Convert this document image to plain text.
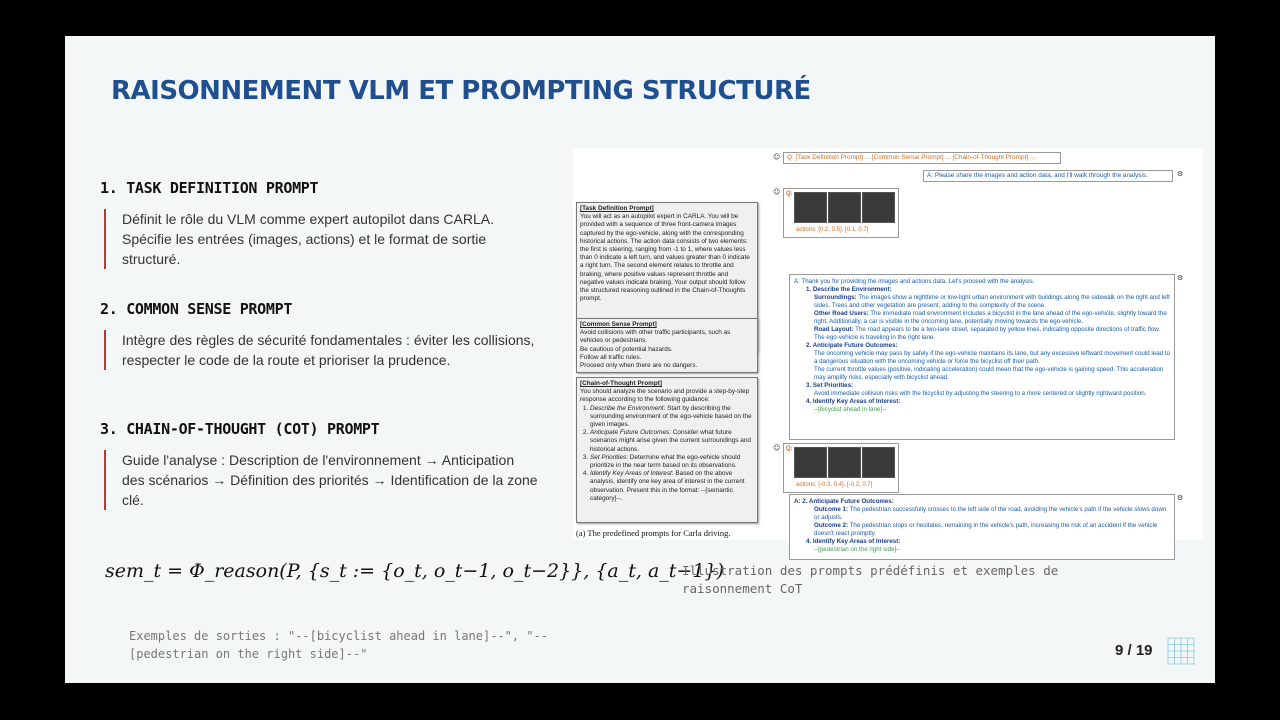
RAISONNEMENT VLM ET PROMPTING STRUCTURÉ
1. TASK DEFINITION PROMPT
Définit le rôle du VLM comme expert autopilot dans CARLA. Spécifie les entrées (images, actions) et le format de sortie structuré.
2. COMMON SENSE PROMPT
Intègre des règles de sécurité fondamentales : éviter les collisions, respecter le code de la route et prioriser la prudence.
3. CHAIN-OF-THOUGHT (COT) PROMPT
Guide l'analyse : Description de l'environnement → Anticipation des scénarios → Définition des priorités → Identification de la zone clé.
[Task Definition Prompt]
You will act as an autopilot expert in CARLA. You will be provided with a sequence of three front-camera images captured by the ego-vehicle, along with the corresponding historical actions. The action data consists of two elements: the first is steering, ranging from -1 to 1, where values less than 0 indicate a left turn, and values greater than 0 indicate a right turn. The second element relates to throttle and braking, where positive values represent throttle and negative values indicate braking. Your output should follow the structured reasoning outlined in the Chain-of-Thoughts prompt.
[Common Sense Prompt]
Avoid collisions with other traffic participants, such as vehicles or pedestrians.
Be cautious of potential hazards.
Follow all traffic rules.
Proceed only when there are no dangers.
[Chain-of-Thought Prompt]
You should analyze the scenario and provide a step-by-step response according to the following guidance:
1. Describe the Environment: Start by describing the surrounding environment of the ego-vehicle based on the given images.
2. Anticipate Future Outcomes: Consider what future scenarios might arise given the current surroundings and historical actions.
3. Set Priorities: Determine what the ego-vehicle should prioritize in the near term based on its observations.
4. Identify Key Areas of Interest: Based on the above analysis, identify one key area of interest in the current observation. Present this in the format: --[semantic category]--.
(a) The predefined prompts for Carla driving.
☺	Q: [Task Definition Prompt] ... [Common Sense Prompt] ... [Chain-of-Thought Prompt] ...
A: Please share the images and action data, and I'll walk through the analysis.	⚙
☺ Q:
actions: [0.2, 0.5], [0.1, 0.7]
A: Thank you for providing the images and actions data. Let's proceed with the analysis.
1. Describe the Environment:
Surroundings: The images show a nighttime or low-light urban environment with buildings along the sidewalk on the right and left sides. Trees and other vegetation are present, adding to the complexity of the scene.
Other Road Users: The immediate road environment includes a bicyclist in the lane ahead of the ego-vehicle, slightly toward the right. Additionally, a car is visible in the oncoming lane, potentially moving towards the ego-vehicle.
Road Layout: The road appears to be a two-lane street, separated by yellow lines, indicating opposite directions of traffic flow. The ego-vehicle is traveling in the right lane.
2. Anticipate Future Outcomes:
The oncoming vehicle may pass by safely if the ego-vehicle maintains its lane, but any excessive leftward movement could lead to a dangerous situation with the oncoming vehicle or force the bicyclist off their path.
The current throttle values (positive, indicating acceleration) could mean that the ego-vehicle is gaining speed. This acceleration may amplify risks, especially with bicyclist ahead.
3. Set Priorities:
Avoid immediate collision risks with the bicyclist by adjusting the steering to a more centered or slightly rightward position.
4. Identify Key Areas of Interest:
--[bicyclist ahead in lane]--
⚙
☺ Q:
actions: [-0.3, 0.4], [-0.2, 0.7]
A: 2. Anticipate Future Outcomes:
Outcome 1: The pedestrian successfully crosses to the left side of the road, avoiding the vehicle's path if the vehicle slows down or adjusts.
Outcome 2: The pedestrian stops or hesitates, remaining in the vehicle's path, increasing the risk of an accident if the vehicle doesn't react promptly.
4. Identify Key Areas of Interest:
--[pedestrian on the right side]--
⚙
sem_t = Φ_reason(P, {s_t := {o_t, o_t−1, o_t−2}}, {a_t, a_t−1})
Illustration des prompts prédéfinis et exemples de raisonnement CoT
Exemples de sorties : "--[bicyclist ahead in lane]--", "--[pedestrian on the right side]--"	9 / 19
